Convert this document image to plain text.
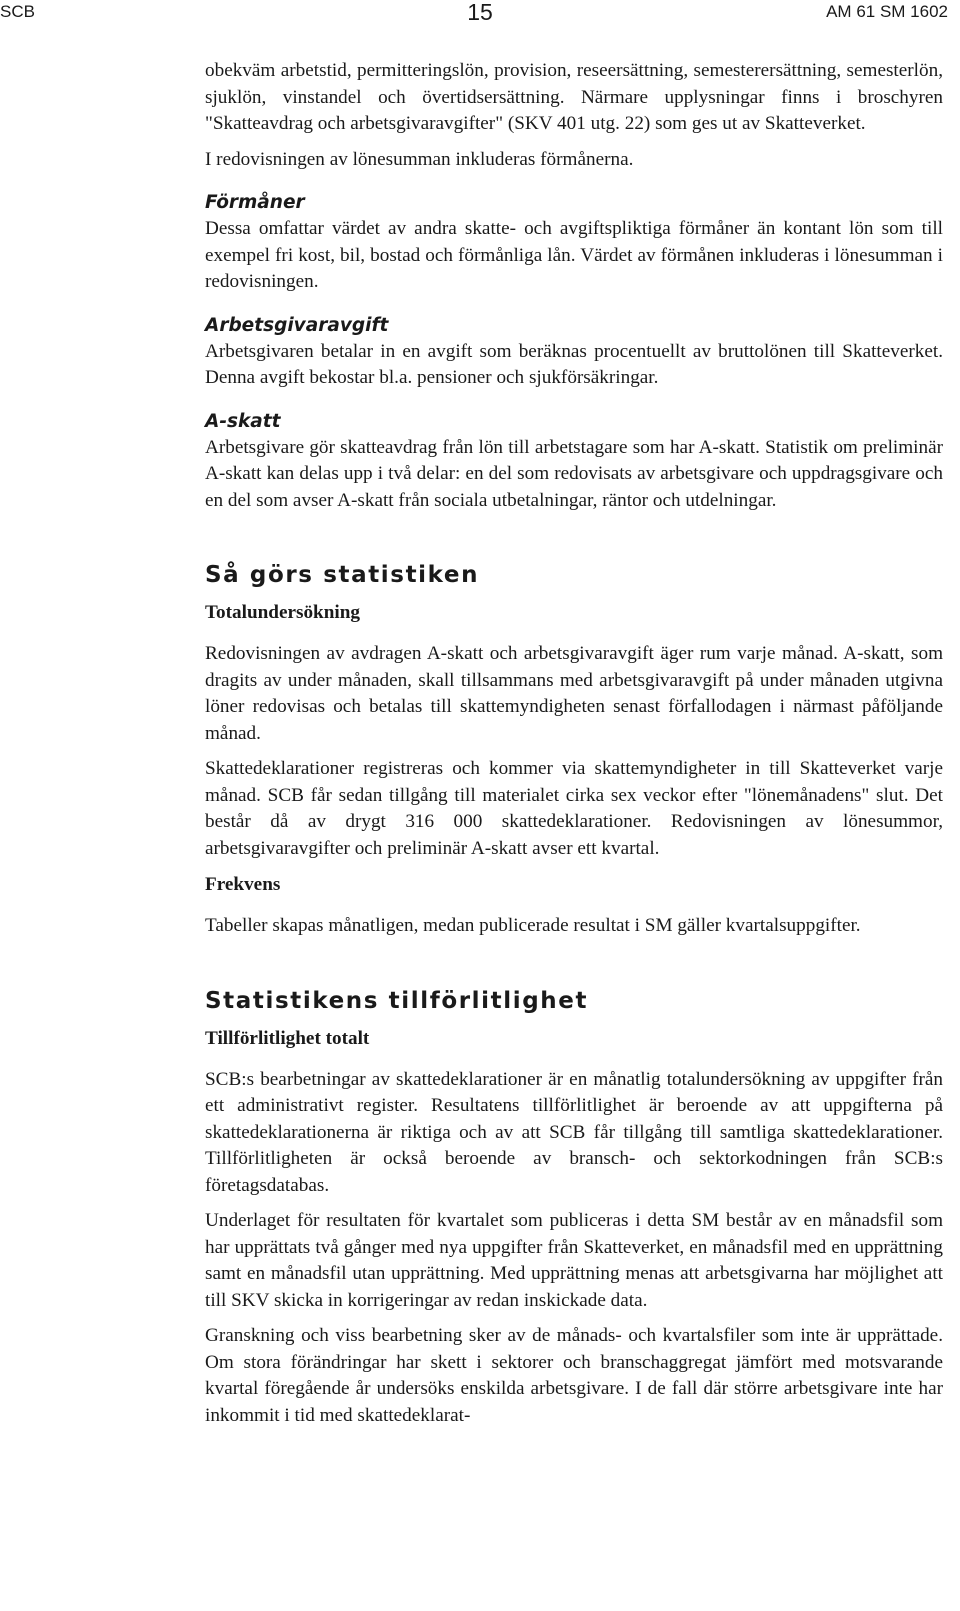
SCB	15	AM 61 SM 1602

obekväm arbetstid, permitteringslön, provision, reseersättning, semesterersättning, semesterlön, sjuklön, vinstandel och övertidsersättning. Närmare upplysningar finns i broschyren "Skatteavdrag och arbetsgivaravgifter" (SKV 401 utg. 22) som ges ut av Skatteverket.

I redovisningen av lönesumman inkluderas förmånerna.

Förmåner

Dessa omfattar värdet av andra skatte- och avgiftspliktiga förmåner än kontant lön som till exempel fri kost, bil, bostad och förmånliga lån. Värdet av förmånen inkluderas i lönesumman i redovisningen.

Arbetsgivaravgift

Arbetsgivaren betalar in en avgift som beräknas procentuellt av bruttolönen till Skatteverket. Denna avgift bekostar bl.a. pensioner och sjukförsäkringar.

A-skatt

Arbetsgivare gör skatteavdrag från lön till arbetstagare som har A-skatt. Statistik om preliminär A-skatt kan delas upp i två delar: en del som redovisats av arbetsgivare och uppdragsgivare och en del som avser A-skatt från sociala utbetalningar, räntor och utdelningar.

Så görs statistiken
Totalundersökning

Redovisningen av avdragen A-skatt och arbetsgivaravgift äger rum varje månad. A-skatt, som dragits av under månaden, skall tillsammans med arbetsgivaravgift på under månaden utgivna löner redovisas och betalas till skattemyndigheten senast förfallodagen i närmast påföljande månad.

Skattedeklarationer registreras och kommer via skattemyndigheter in till Skatteverket varje månad. SCB får sedan tillgång till materialet cirka sex veckor efter "lönemånadens" slut. Det består då av drygt 316 000 skattedeklarationer. Redovisningen av lönesummor, arbetsgivaravgifter och preliminär A-skatt avser ett kvartal.

Frekvens

Tabeller skapas månatligen, medan publicerade resultat i SM gäller kvartalsuppgifter.

Statistikens tillförlitlighet
Tillförlitlighet totalt

SCB:s bearbetningar av skattedeklarationer är en månatlig totalundersökning av uppgifter från ett administrativt register. Resultatens tillförlitlighet är beroende av att uppgifterna på skattedeklarationerna är riktiga och av att SCB får tillgång till samtliga skattedeklarationer. Tillförlitligheten är också beroende av bransch- och sektorkodningen från SCB:s företagsdatabas.

Underlaget för resultaten för kvartalet som publiceras i detta SM består av en månadsfil som har upprättats två gånger med nya uppgifter från Skatteverket, en månadsfil med en upprättning samt en månadsfil utan upprättning. Med upprättning menas att arbetsgivarna har möjlighet att till SKV skicka in korrigeringar av redan inskickade data.

Granskning och viss bearbetning sker av de månads- och kvartalsfiler som inte är upprättade. Om stora förändringar har skett i sektorer och branschaggregat jämfört med motsvarande kvartal föregående år undersöks enskilda arbetsgivare. I de fall där större arbetsgivare inte har inkommit i tid med skattedeklarat-
